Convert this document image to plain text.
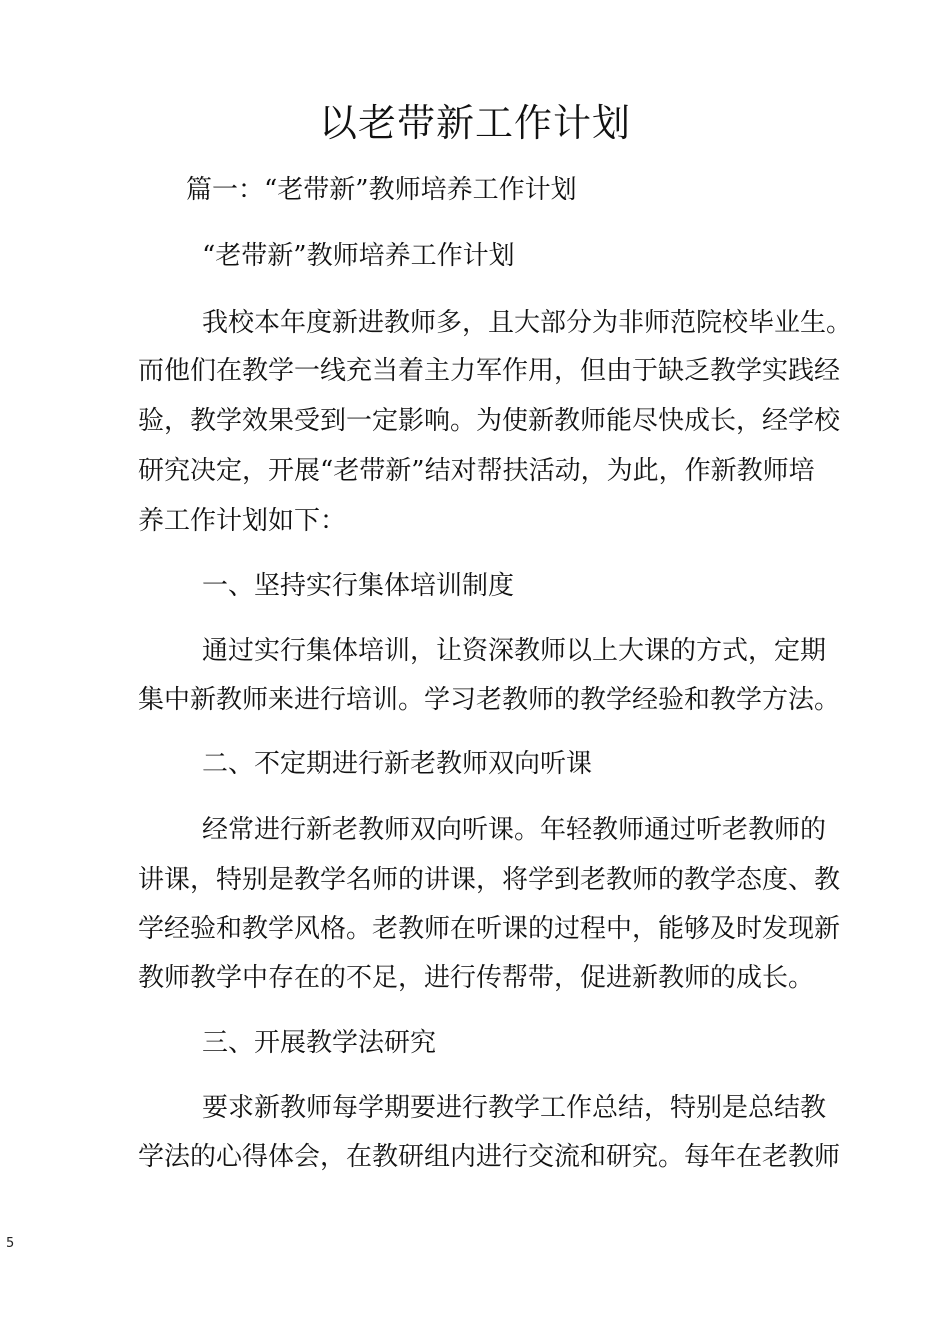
以老带新工作计划
篇一：“老带新”教师培养工作计划
“老带新”教师培养工作计划
我校本年度新进教师多，且大部分为非师范院校毕业生。
而他们在教学一线充当着主力军作用，但由于缺乏教学实践经
验，教学效果受到一定影响。为使新教师能尽快成长，经学校
研究决定，开展“老带新”结对帮扶活动，为此，作新教师培
养工作计划如下：
一、坚持实行集体培训制度
通过实行集体培训，让资深教师以上大课的方式，定期
集中新教师来进行培训。学习老教师的教学经验和教学方法。
二、不定期进行新老教师双向听课
经常进行新老教师双向听课。年轻教师通过听老教师的
讲课，特别是教学名师的讲课，将学到老教师的教学态度、教
学经验和教学风格。老教师在听课的过程中，能够及时发现新
教师教学中存在的不足，进行传帮带，促进新教师的成长。
三、开展教学法研究
要求新教师每学期要进行教学工作总结，特别是总结教
学法的心得体会，在教研组内进行交流和研究。每年在老教师
5
